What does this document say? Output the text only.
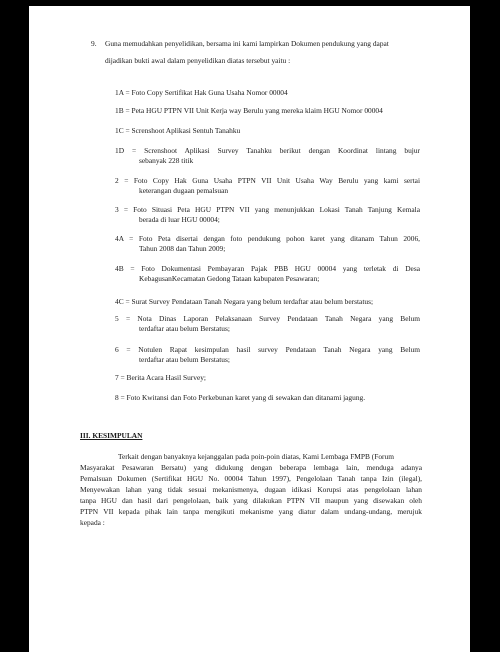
9. Guna memudahkan penyelidikan, bersama ini kami lampirkan Dokumen pendukung yang dapat
dijadikan bukti awal dalam penyelidikan diatas tersebut yaitu :
1A = Foto Copy Sertifikat Hak Guna Usaha Nomor 00004
1B = Peta HGU PTPN VII Unit Kerja way Berulu yang mereka klaim HGU Nomor 00004
1C = Screnshoot Aplikasi Sentuh Tanahku
1D = Screnshoot Aplikasi Survey Tanahku berikut dengan Koordinat lintang bujur
sebanyak 228 titik
2 = Foto Copy Hak Guna Usaha PTPN VII Unit Usaha Way Berulu yang kami sertai
keterangan dugaan pemalsuan
3 = Foto Situasi Peta HGU PTPN VII yang menunjukkan Lokasi Tanah Tanjung Kemala
berada di luar HGU 00004;
4A = Foto Peta disertai dengan foto pendukung pohon karet yang ditanam Tahun 2006,
Tahun 2008 dan Tahun 2009;
4B = Foto Dokumentasi Pembayaran Pajak PBB HGU 00004 yang terletak di Desa
KebagusanKecamatan Gedong Tataan kabupaten Pesawaran;
4C = Surat Survey Pendataan Tanah Negara yang belum terdaftar atau belum berstatus;
5 = Nota Dinas Laporan Pelaksanaan Survey Pendataan Tanah Negara yang Belum
terdaftar atau belum Berstatus;
6 = Notulen Rapat kesimpulan hasil survey Pendataan Tanah Negara yang Belum
terdaftar atau belum Berstatus;
7 = Berita Acara Hasil Survey;
8 = Foto Kwitansi dan Foto Perkebunan karet yang di sewakan dan ditanami jagung.
III. KESIMPULAN
Terkait dengan banyaknya kejanggalan pada poin-poin diatas, Kami Lembaga FMPB (Forum
Masyarakat Pesawaran Bersatu) yang didukung dengan beberapa lembaga lain, menduga adanya
Pemalsuan Dokumen (Sertifikat HGU No. 00004 Tahun 1997), Pengelolaan Tanah tanpa Izin (ilegal),
Menyewakan lahan yang tidak sesuai mekanismenya, dugaan idikasi Korupsi atas pengelolaan lahan
tanpa HGU dan hasil dari pengelolaan, baik yang dilakukan PTPN VII maupun yang disewakan oleh
PTPN VII kepada pihak lain tanpa mengikuti mekanisme yang diatur dalam undang-undang, merujuk
kepada :
